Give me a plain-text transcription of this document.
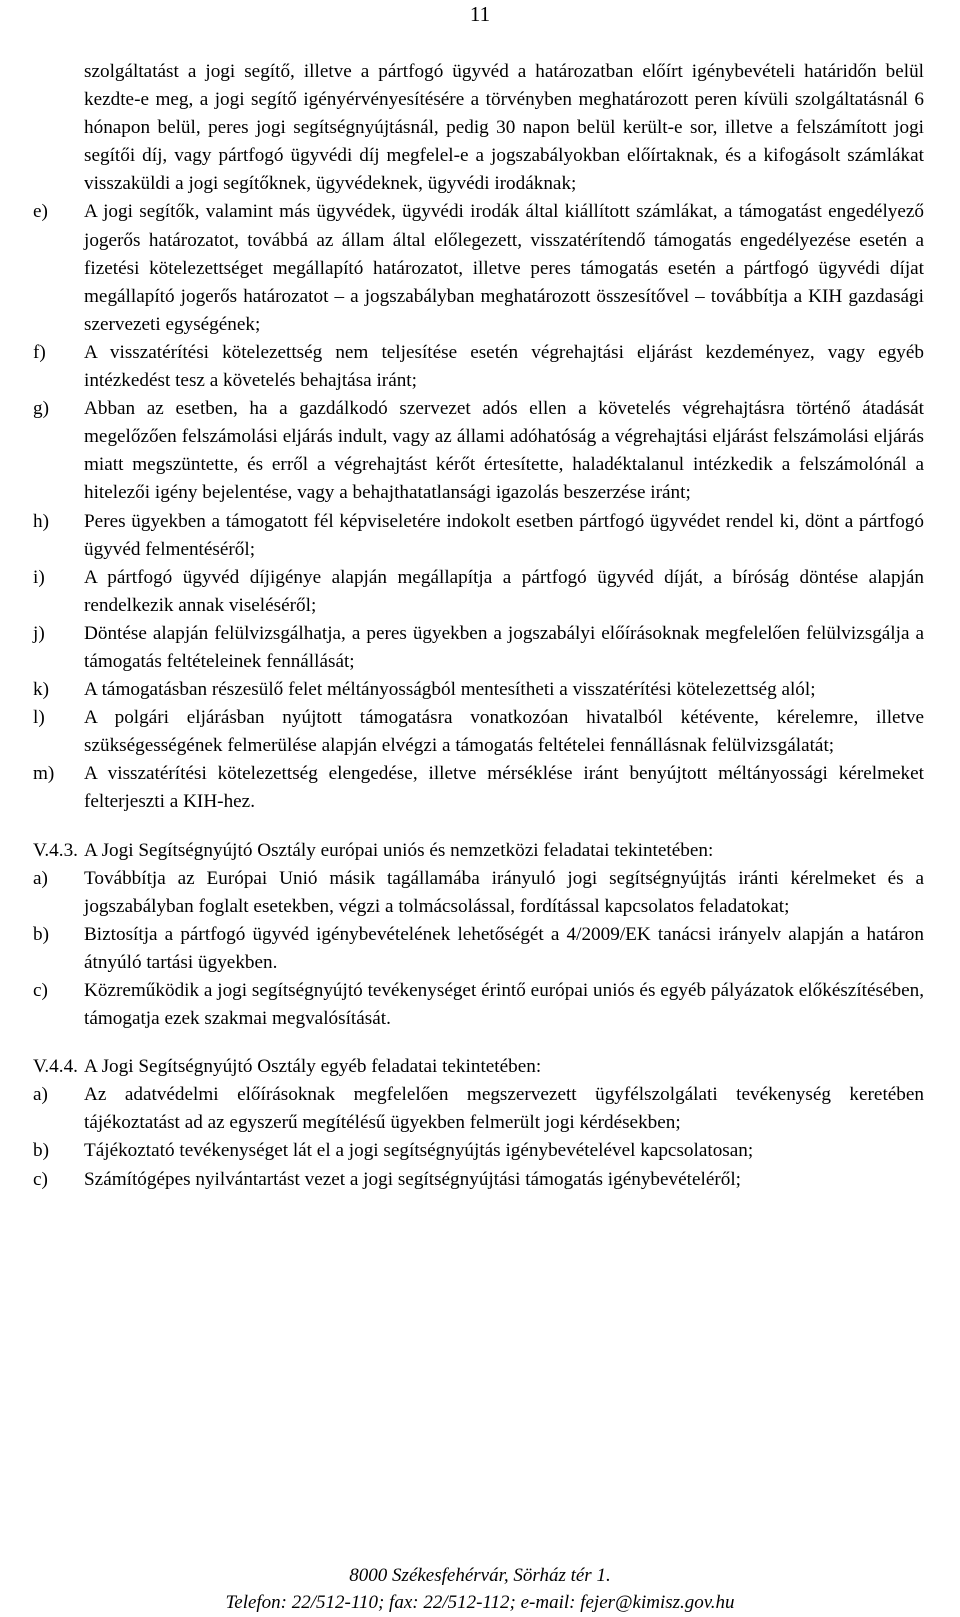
11
szolgáltatást a jogi segítő, illetve a pártfogó ügyvéd a határozatban előírt igénybevételi határidőn belül kezdte-e meg, a jogi segítő igényérvényesítésére a törvényben meghatározott peren kívüli szolgáltatásnál 6 hónapon belül, peres jogi segítségnyújtásnál, pedig 30 napon belül került-e sor, illetve a felszámított jogi segítői díj, vagy pártfogó ügyvédi díj megfelel-e a jogszabályokban előírtaknak, és a kifogásolt számlákat visszaküldi a jogi segítőknek, ügyvédeknek, ügyvédi irodáknak;
e)	A jogi segítők, valamint más ügyvédek, ügyvédi irodák által kiállított számlákat, a támogatást engedélyező jogerős határozatot, továbbá az állam által előlegezett, visszatérítendő támogatás engedélyezése esetén a fizetési kötelezettséget megállapító határozatot, illetve peres támogatás esetén a pártfogó ügyvédi díjat megállapító jogerős határozatot – a jogszabályban meghatározott összesítővel – továbbítja a KIH gazdasági szervezeti egységének;
f)	A visszatérítési kötelezettség nem teljesítése esetén végrehajtási eljárást kezdeményez, vagy egyéb intézkedést tesz a követelés behajtása iránt;
g)	Abban az esetben, ha a gazdálkodó szervezet adós ellen a követelés végrehajtásra történő átadását megelőzően felszámolási eljárás indult, vagy az állami adóhatóság a végrehajtási eljárást felszámolási eljárás miatt megszüntette, és erről a végrehajtást kérőt értesítette, haladéktalanul intézkedik a felszámolónál a hitelezői igény bejelentése, vagy a behajthatatlansági igazolás beszerzése iránt;
h)	Peres ügyekben a támogatott fél képviseletére indokolt esetben pártfogó ügyvédet rendel ki, dönt a pártfogó ügyvéd felmentéséről;
i)	A pártfogó ügyvéd díjigénye alapján megállapítja a pártfogó ügyvéd díját, a bíróság döntése alapján rendelkezik annak viseléséről;
j)	Döntése alapján felülvizsgálhatja, a peres ügyekben a jogszabályi előírásoknak megfelelően felülvizsgálja a támogatás feltételeinek fennállását;
k)	A támogatásban részesülő felet méltányosságból mentesítheti a visszatérítési kötelezettség alól;
l)	A polgári eljárásban nyújtott támogatásra vonatkozóan hivatalból kétévente, kérelemre, illetve szükségességének felmerülése alapján elvégzi a támogatás feltételei fennállásnak felülvizsgálatát;
m)	A visszatérítési kötelezettség elengedése, illetve mérséklése iránt benyújtott méltányossági kérelmeket felterjeszti a KIH-hez.
V.4.3. A Jogi Segítségnyújtó Osztály európai uniós és nemzetközi feladatai tekintetében:
a)	Továbbítja az Európai Unió másik tagállamába irányuló jogi segítségnyújtás iránti kérelmeket és a jogszabályban foglalt esetekben, végzi a tolmácsolással, fordítással kapcsolatos feladatokat;
b)	Biztosítja a pártfogó ügyvéd igénybevételének lehetőségét a 4/2009/EK tanácsi irányelv alapján a határon átnyúló tartási ügyekben.
c)	Közreműködik a jogi segítségnyújtó tevékenységet érintő európai uniós és egyéb pályázatok előkészítésében, támogatja ezek szakmai megvalósítását.
V.4.4. A Jogi Segítségnyújtó Osztály egyéb feladatai tekintetében:
a)	Az adatvédelmi előírásoknak megfelelően megszervezett ügyfélszolgálati tevékenység keretében tájékoztatást ad az egyszerű megítélésű ügyekben felmerült jogi kérdésekben;
b)	Tájékoztató tevékenységet lát el a jogi segítségnyújtás igénybevételével kapcsolatosan;
c)	Számítógépes nyilvántartást vezet a jogi segítségnyújtási támogatás igénybevételéről;
8000 Székesfehérvár, Sörház tér 1.
Telefon: 22/512-110; fax: 22/512-112; e-mail: fejer@kimisz.gov.hu
